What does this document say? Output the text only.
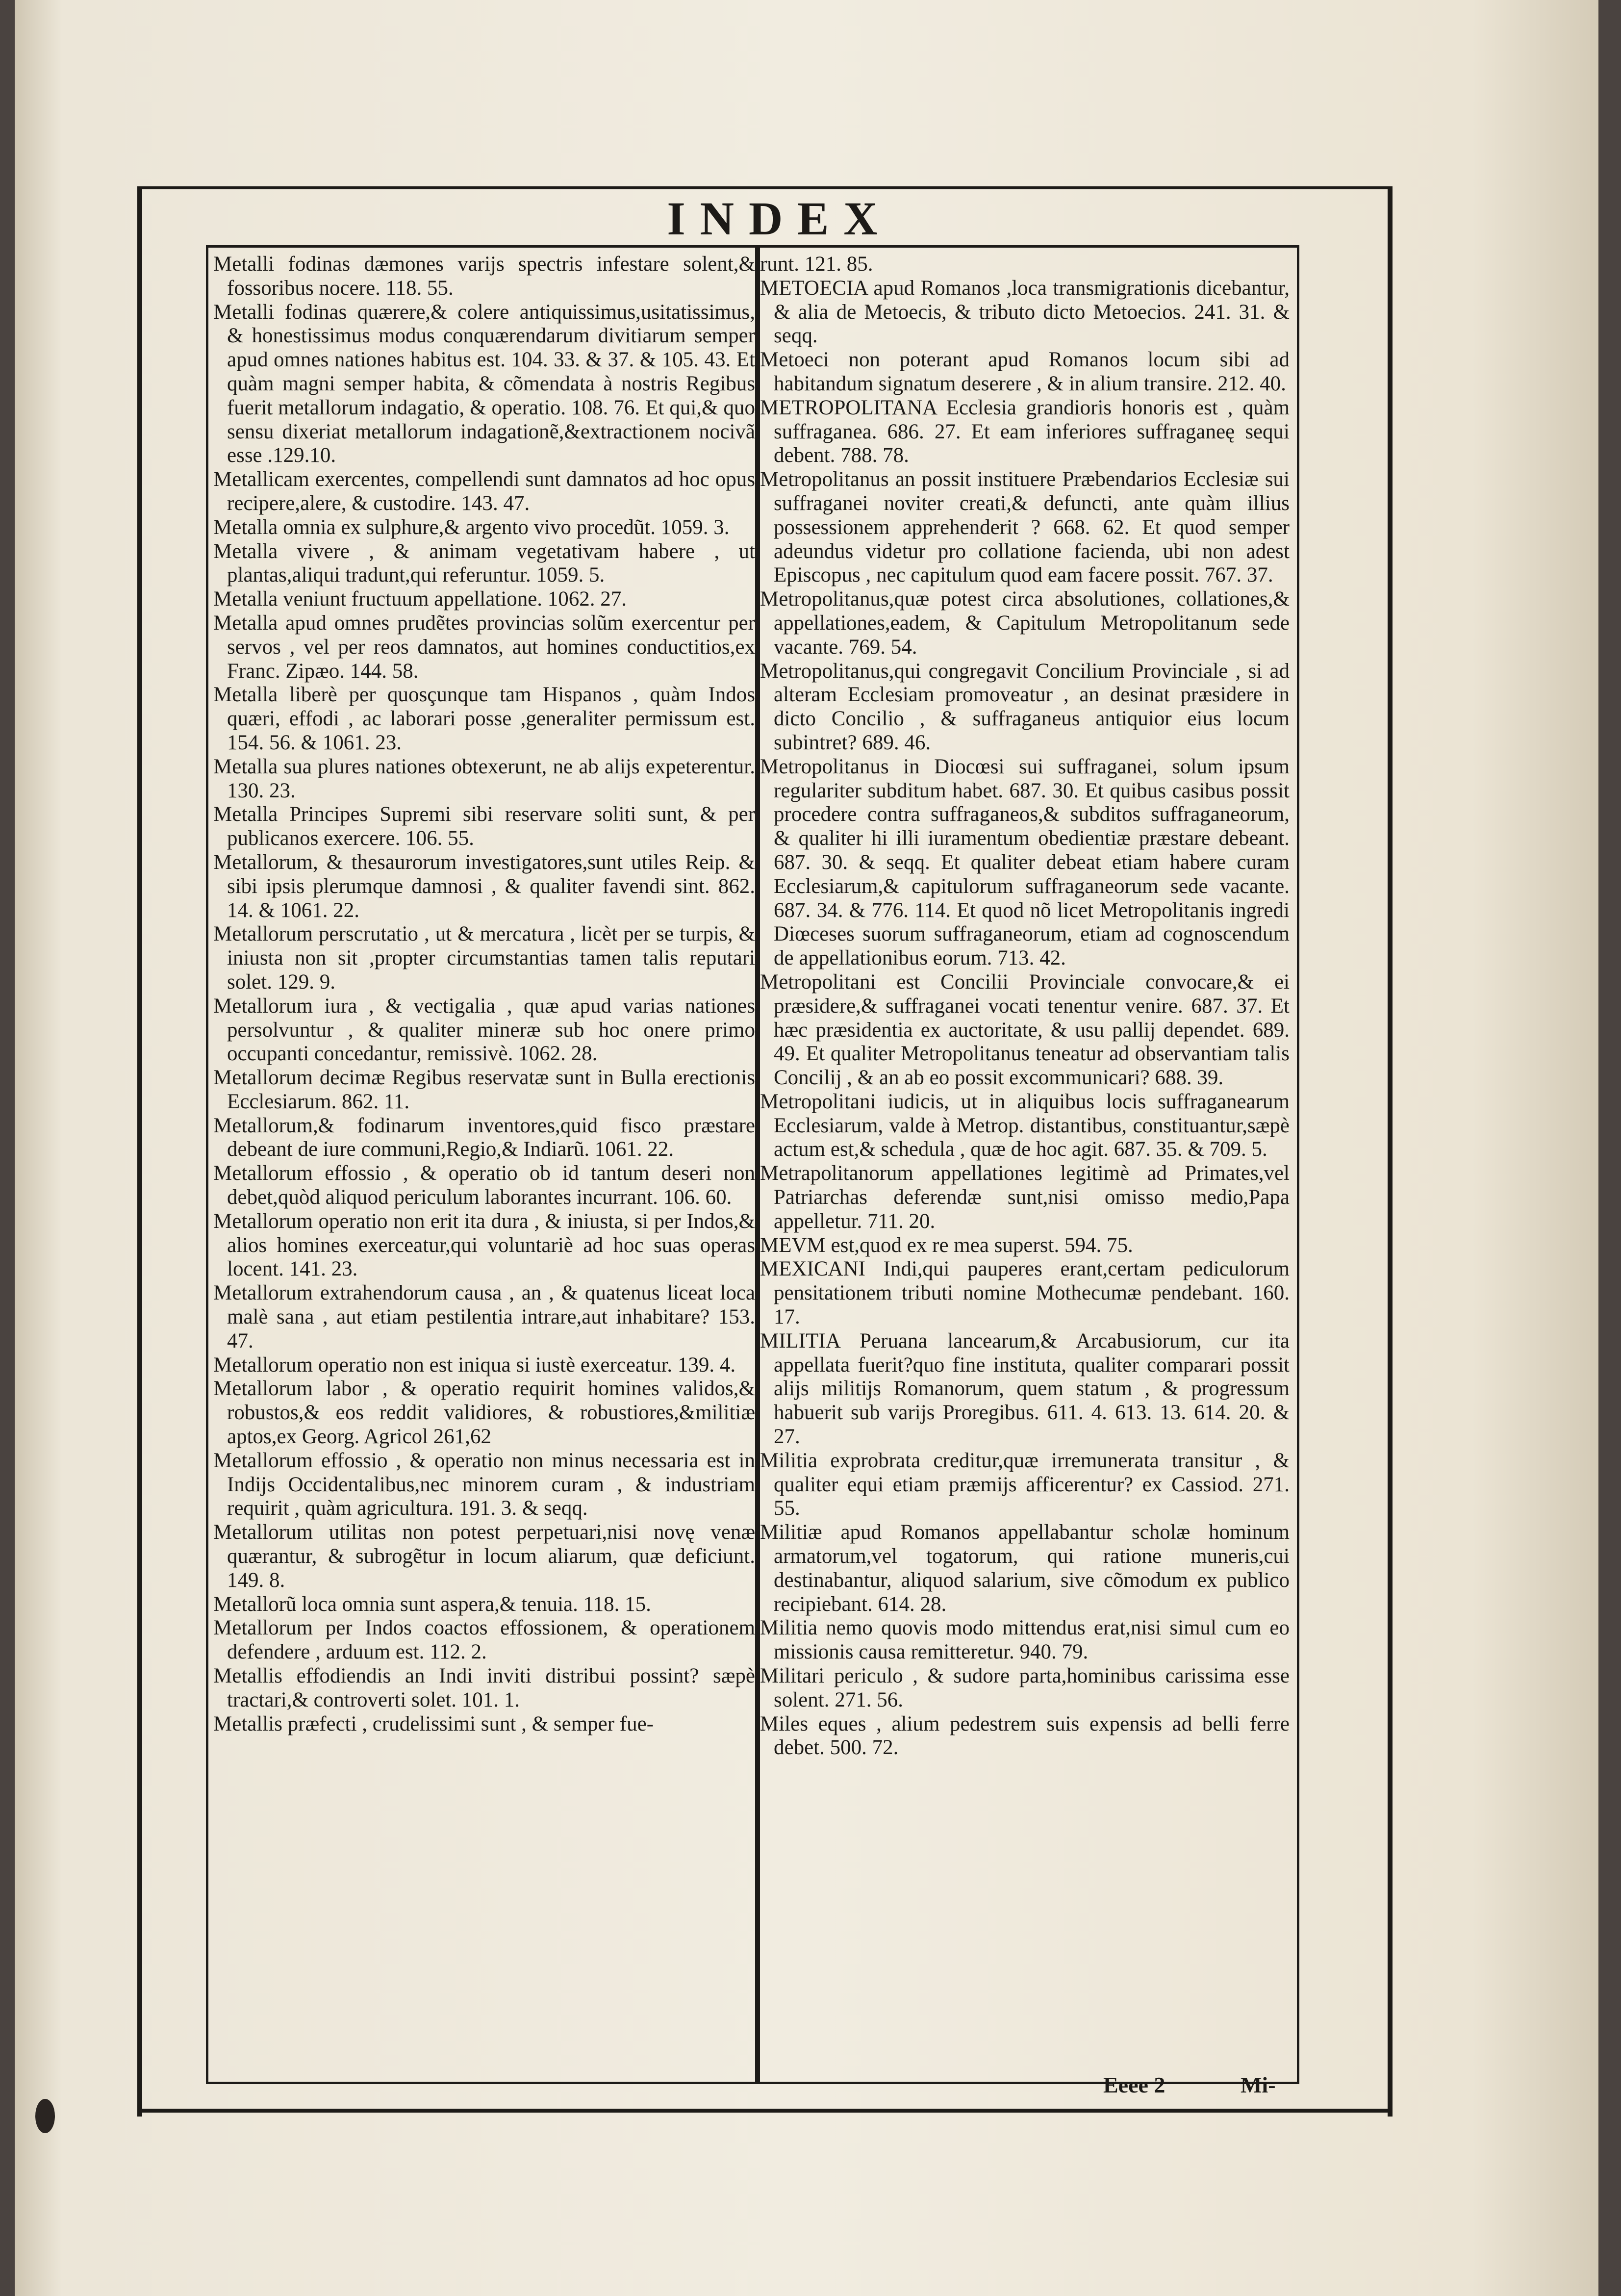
INDEX

Metalli fodinas dæmones varijs spectris infestare solent,& fossoribus nocere. 118. 55.

Metalli fodinas quærere,& colere antiquissimus,usitatissimus, & honestissimus modus conquærendarum divitiarum semper apud omnes nationes habitus est. 104. 33. & 37. & 105. 43. Et quàm magni semper habita, & cõmendata à nostris Regibus fuerit metallorum indagatio, & operatio. 108. 76. Et qui,& quo sensu dixeriat metallorum indagationẽ,&extractionem nocivã esse .129.10.

Metallicam exercentes, compellendi sunt damnatos ad hoc opus recipere,alere, & custodire. 143. 47.

Metalla omnia ex sulphure,& argento vivo procedũt. 1059. 3.

Metalla vivere , & animam vegetativam habere , ut plantas,aliqui tradunt,qui referuntur. 1059. 5.

Metalla veniunt fructuum appellatione. 1062. 27.

Metalla apud omnes prudẽtes provincias solũm exercentur per servos , vel per reos damnatos, aut homines conductitios,ex Franc. Zipæo. 144. 58.

Metalla liberè per quosçunque tam Hispanos , quàm Indos quæri, effodi , ac laborari posse ,generaliter permissum est. 154. 56. & 1061. 23.

Metalla sua plures nationes obtexerunt, ne ab alijs expeterentur. 130. 23.

Metalla Principes Supremi sibi reservare soliti sunt, & per publicanos exercere. 106. 55.

Metallorum, & thesaurorum investigatores,sunt utiles Reip. & sibi ipsis plerumque damnosi , & qualiter favendi sint. 862. 14. & 1061. 22.

Metallorum perscrutatio , ut & mercatura , licèt per se turpis, & iniusta non sit ,propter circumstantias tamen talis reputari solet. 129. 9.

Metallorum iura , & vectigalia , quæ apud varias nationes persolvuntur , & qualiter mineræ sub hoc onere primo occupanti concedantur, remissivè. 1062. 28.

Metallorum decimæ Regibus reservatæ sunt in Bulla erectionis Ecclesiarum. 862. 11.

Metallorum,& fodinarum inventores,quid fisco præstare debeant de iure communi,Regio,& Indiarũ. 1061. 22.

Metallorum effossio , & operatio ob id tantum deseri non debet,quòd aliquod periculum laborantes incurrant. 106. 60.

Metallorum operatio non erit ita dura , & iniusta, si per Indos,& alios homines exerceatur,qui voluntariè ad hoc suas operas locent. 141. 23.

Metallorum extrahendorum causa , an , & quatenus liceat loca malè sana , aut etiam pestilentia intrare,aut inhabitare? 153. 47.

Metallorum operatio non est iniqua si iustè exerceatur. 139. 4.

Metallorum labor , & operatio requirit homines validos,& robustos,& eos reddit validiores, & robustiores,&militiæ aptos,ex Georg. Agricol 261,62

Metallorum effossio , & operatio non minus necessaria est in Indijs Occidentalibus,nec minorem curam , & industriam requirit , quàm agricultura. 191. 3. & seqq.

Metallorum utilitas non potest perpetuari,nisi novę venæ quærantur, & subrogẽtur in locum aliarum, quæ deficiunt. 149. 8.

Metallorũ loca omnia sunt aspera,& tenuia. 118. 15.

Metallorum per Indos coactos effossionem, & operationem defendere , arduum est. 112. 2.

Metallis effodiendis an Indi inviti distribui possint? sæpè tractari,& controverti solet. 101. 1.

Metallis præfecti , crudelissimi sunt , & semper fue-

runt. 121. 85.

METOECIA apud Romanos ,loca transmigrationis dicebantur, & alia de Metoecis, & tributo dicto Metoecios. 241. 31. & seqq.

Metoeci non poterant apud Romanos locum sibi ad habitandum signatum deserere , & in alium transire. 212. 40.

METROPOLITANA Ecclesia grandioris honoris est , quàm suffraganea. 686. 27. Et eam inferiores suffraganeę sequi debent. 788. 78.

Metropolitanus an possit instituere Præbendarios Ecclesiæ sui suffraganei noviter creati,& defuncti, ante quàm illius possessionem apprehenderit ? 668. 62. Et quod semper adeundus videtur pro collatione facienda, ubi non adest Episcopus , nec capitulum quod eam facere possit. 767. 37.

Metropolitanus,quæ potest circa absolutiones, collationes,& appellationes,eadem, & Capitulum Metropolitanum sede vacante. 769. 54.

Metropolitanus,qui congregavit Concilium Provinciale , si ad alteram Ecclesiam promoveatur , an desinat præsidere in dicto Concilio , & suffraganeus antiquior eius locum subintret? 689. 46.

Metropolitanus in Diocœsi sui suffraganei, solum ipsum regulariter subditum habet. 687. 30. Et quibus casibus possit procedere contra suffraganeos,& subditos suffraganeorum, & qualiter hi illi iuramentum obedientiæ præstare debeant. 687. 30. & seqq. Et qualiter debeat etiam habere curam Ecclesiarum,& capitulorum suffraganeorum sede vacante. 687. 34. & 776. 114. Et quod nõ licet Metropolitanis ingredi Diœceses suorum suffraganeorum, etiam ad cognoscendum de appellationibus eorum. 713. 42.

Metropolitani est Concilii Provinciale convocare,& ei præsidere,& suffraganei vocati tenentur venire. 687. 37. Et hæc præsidentia ex auctoritate, & usu pallij dependet. 689. 49. Et qualiter Metropolitanus teneatur ad observantiam talis Concilij , & an ab eo possit excommunicari? 688. 39.

Metropolitani iudicis, ut in aliquibus locis suffraganearum Ecclesiarum, valde à Metrop. distantibus, constituantur,sæpè actum est,& schedula , quæ de hoc agit. 687. 35. & 709. 5.

Metrapolitanorum appellationes legitimè ad Primates,vel Patriarchas deferendæ sunt,nisi omisso medio,Papa appelletur. 711. 20.

MEVM est,quod ex re mea superst. 594. 75.

MEXICANI Indi,qui pauperes erant,certam pediculorum pensitationem tributi nomine Mothecumæ pendebant. 160. 17.

MILITIA Peruana lancearum,& Arcabusiorum, cur ita appellata fuerit?quo fine instituta, qualiter comparari possit alijs militijs Romanorum, quem statum , & progressum habuerit sub varijs Proregibus. 611. 4. 613. 13. 614. 20. & 27.

Militia exprobrata creditur,quæ irremunerata transitur , & qualiter equi etiam præmijs afficerentur? ex Cassiod. 271. 55.

Militiæ apud Romanos appellabantur scholæ hominum armatorum,vel togatorum, qui ratione muneris,cui destinabantur, aliquod salarium, sive cõmodum ex publico recipiebant. 614. 28.

Militia nemo quovis modo mittendus erat,nisi simul cum eo missionis causa remitteretur. 940. 79.

Militari periculo , & sudore parta,hominibus carissima esse solent. 271. 56.

Miles eques , alium pedestrem suis expensis ad belli ferre debet. 500. 72.

Eeee 2	Mi-
